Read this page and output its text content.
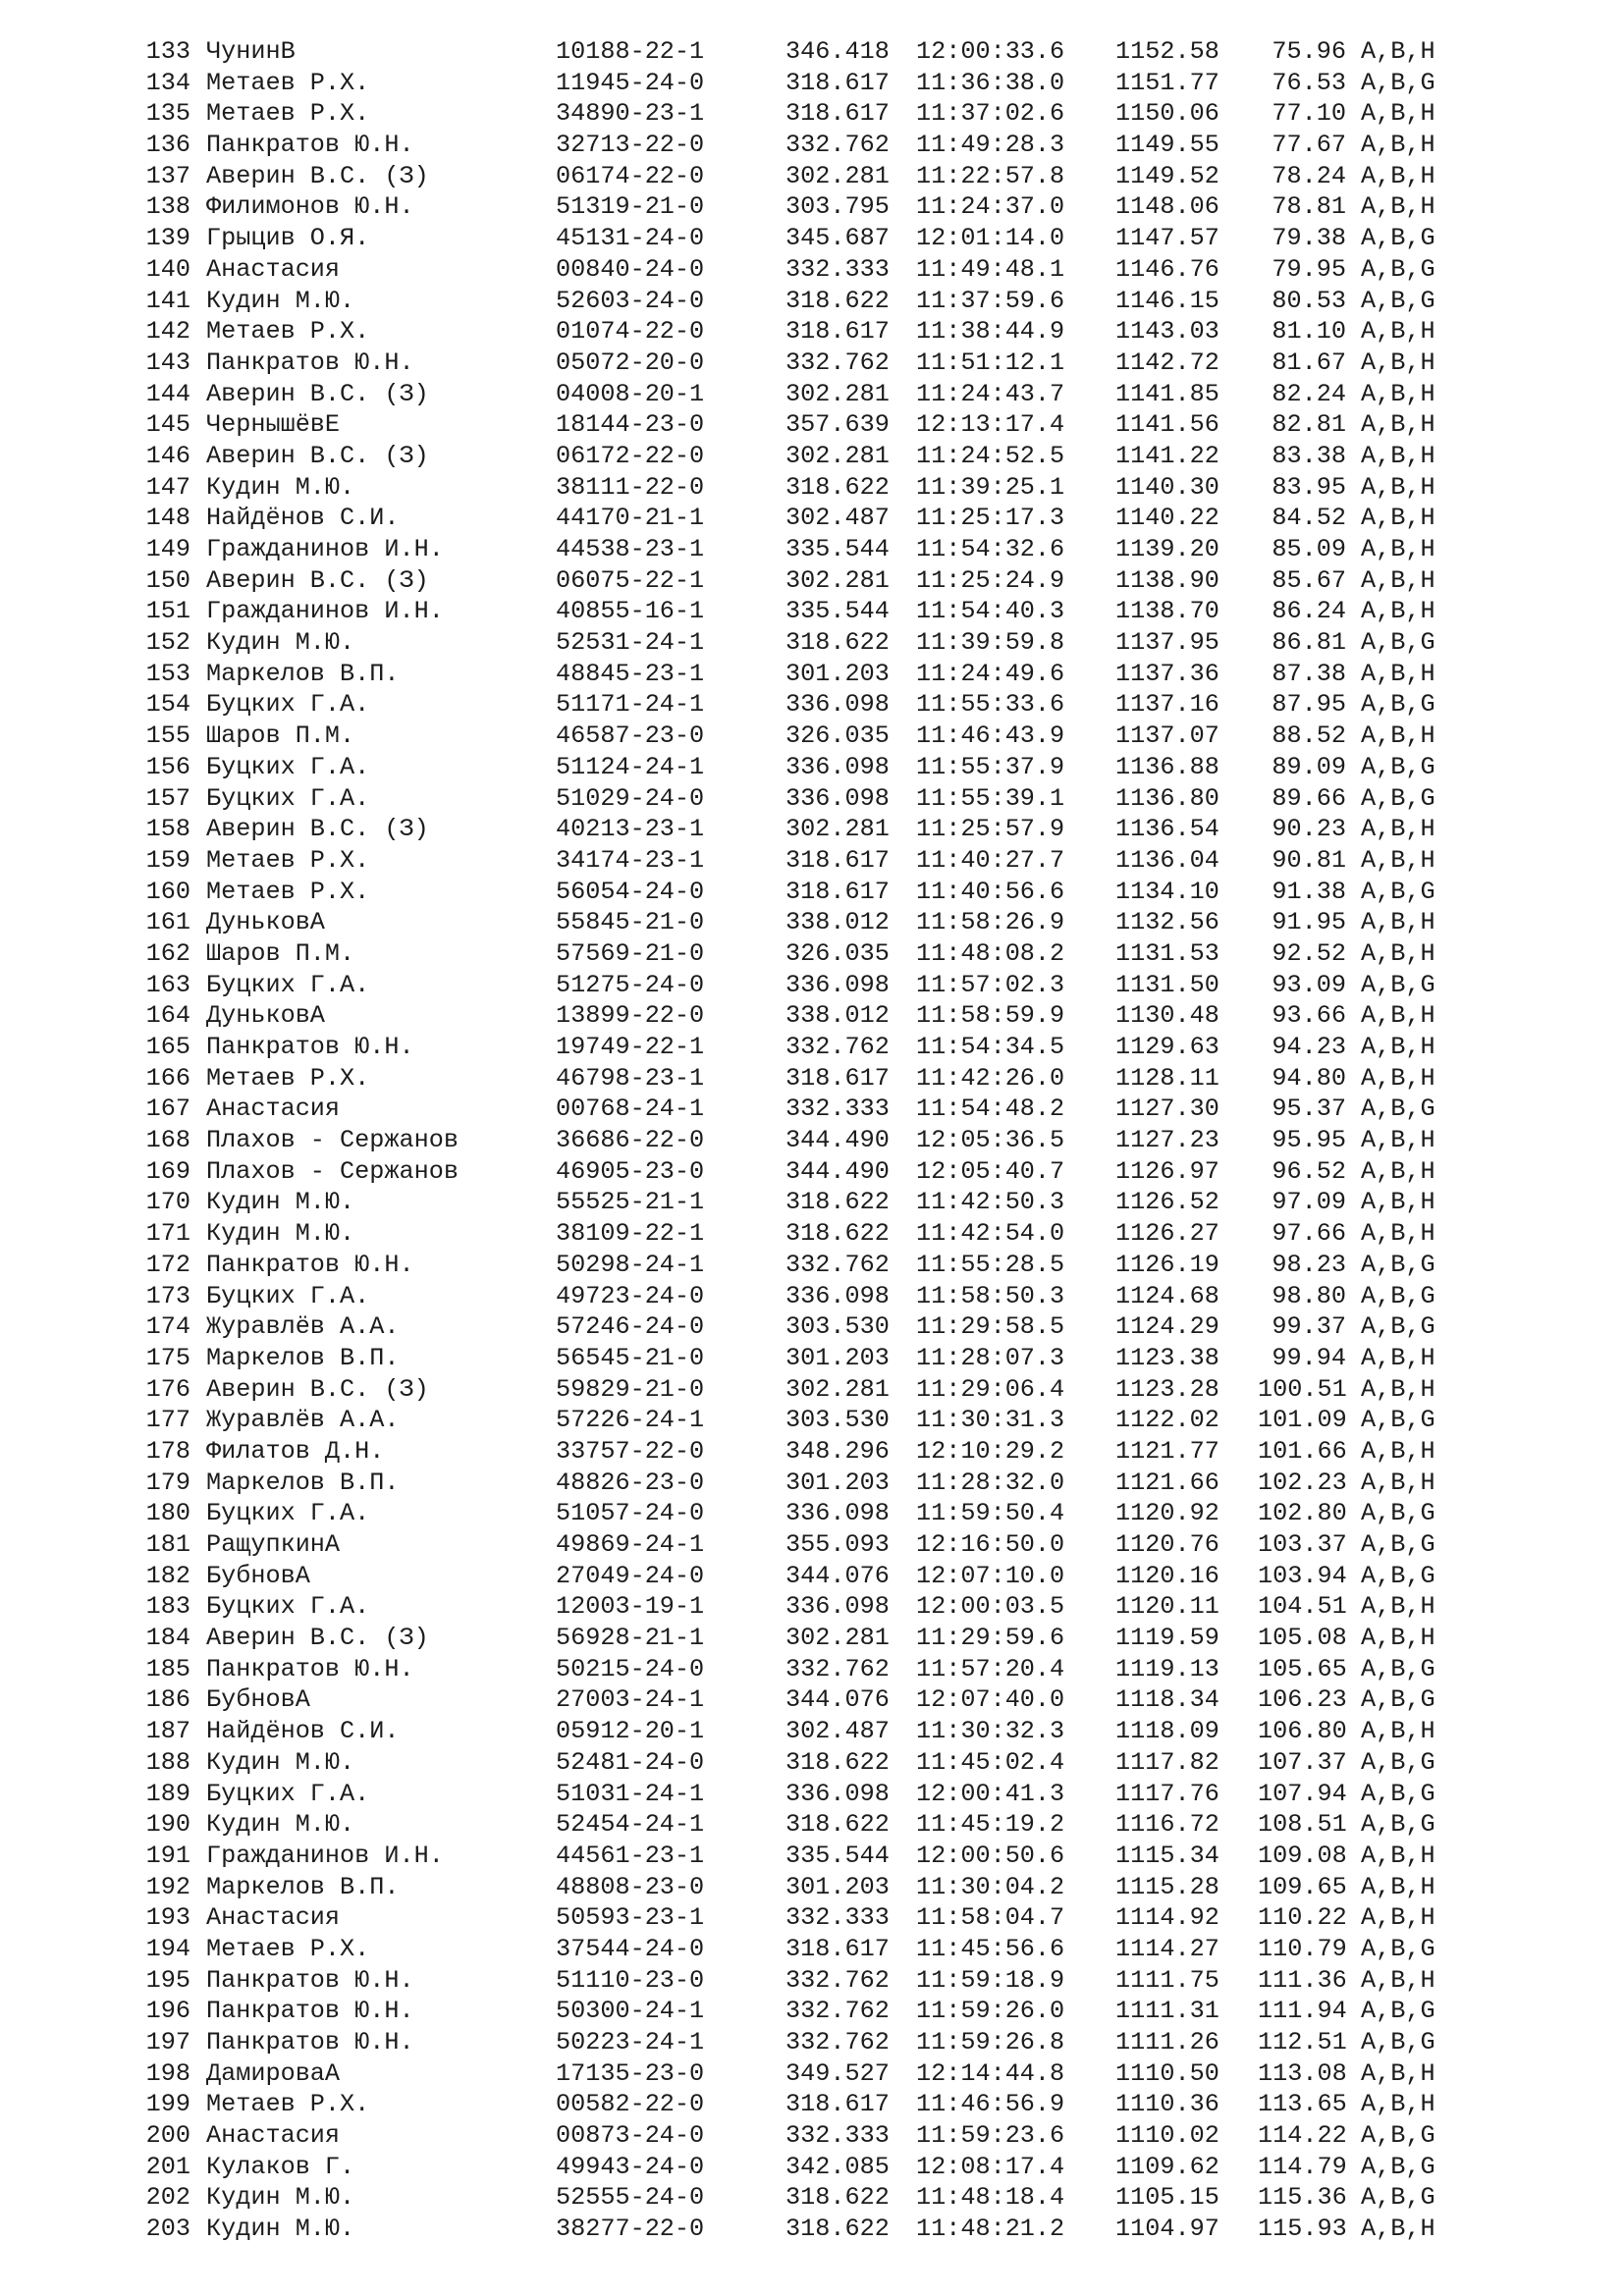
133 ЧунинВ	10188-22-1	346.418 12:00:33.6 1152.58	75.96 A,B,H
134 Метаев Р.Х.	11945-24-0	318.617 11:36:38.0 1151.77	76.53 A,B,G
135 Метаев Р.Х.	34890-23-1	318.617 11:37:02.6 1150.06	77.10 A,B,H
136 Панкратов Ю.Н.	32713-22-0	332.762 11:49:28.3 1149.55	77.67 A,B,H
137 Аверин В.С. (З)	06174-22-0	302.281 11:22:57.8 1149.52	78.24 A,B,H
138 Филимонов Ю.Н.	51319-21-0	303.795 11:24:37.0 1148.06	78.81 A,B,H
139 Грыцив О.Я.	45131-24-0	345.687 12:01:14.0 1147.57	79.38 A,B,G
140 Анастасия	00840-24-0	332.333 11:49:48.1 1146.76	79.95 A,B,G
141 Кудин М.Ю.	52603-24-0	318.622 11:37:59.6 1146.15	80.53 A,B,G
142 Метаев Р.Х.	01074-22-0	318.617 11:38:44.9 1143.03	81.10 A,B,H
143 Панкратов Ю.Н.	05072-20-0	332.762 11:51:12.1 1142.72	81.67 A,B,H
144 Аверин В.С. (З)	04008-20-1	302.281 11:24:43.7 1141.85	82.24 A,B,H
145 ЧернышёвЕ	18144-23-0	357.639 12:13:17.4 1141.56	82.81 A,B,H
146 Аверин В.С. (З)	06172-22-0	302.281 11:24:52.5 1141.22	83.38 A,B,H
147 Кудин М.Ю.	38111-22-0	318.622 11:39:25.1 1140.30	83.95 A,B,H
148 Найдёнов С.И.	44170-21-1	302.487 11:25:17.3 1140.22	84.52 A,B,H
149 Гражданинов И.Н.	44538-23-1	335.544 11:54:32.6 1139.20	85.09 A,B,H
150 Аверин В.С. (З)	06075-22-1	302.281 11:25:24.9 1138.90	85.67 A,B,H
151 Гражданинов И.Н.	40855-16-1	335.544 11:54:40.3 1138.70	86.24 A,B,H
152 Кудин М.Ю.	52531-24-1	318.622 11:39:59.8 1137.95	86.81 A,B,G
153 Маркелов В.П.	48845-23-1	301.203 11:24:49.6 1137.36	87.38 A,B,H
154 Буцких Г.А.	51171-24-1	336.098 11:55:33.6 1137.16	87.95 A,B,G
155 Шаров П.М.	46587-23-0	326.035 11:46:43.9 1137.07	88.52 A,B,H
156 Буцких Г.А.	51124-24-1	336.098 11:55:37.9 1136.88	89.09 A,B,G
157 Буцких Г.А.	51029-24-0	336.098 11:55:39.1 1136.80	89.66 A,B,G
158 Аверин В.С. (З)	40213-23-1	302.281 11:25:57.9 1136.54	90.23 A,B,H
159 Метаев Р.Х.	34174-23-1	318.617 11:40:27.7 1136.04	90.81 A,B,H
160 Метаев Р.Х.	56054-24-0	318.617 11:40:56.6 1134.10	91.38 A,B,G
161 ДуньковА	55845-21-0	338.012 11:58:26.9 1132.56	91.95 A,B,H
162 Шаров П.М.	57569-21-0	326.035 11:48:08.2 1131.53	92.52 A,B,H
163 Буцких Г.А.	51275-24-0	336.098 11:57:02.3 1131.50	93.09 A,B,G
164 ДуньковА	13899-22-0	338.012 11:58:59.9 1130.48	93.66 A,B,H
165 Панкратов Ю.Н.	19749-22-1	332.762 11:54:34.5 1129.63	94.23 A,B,H
166 Метаев Р.Х.	46798-23-1	318.617 11:42:26.0 1128.11	94.80 A,B,H
167 Анастасия	00768-24-1	332.333 11:54:48.2 1127.30	95.37 A,B,G
168 Плахов - Сержанов	36686-22-0	344.490 12:05:36.5 1127.23	95.95 A,B,H
169 Плахов - Сержанов	46905-23-0	344.490 12:05:40.7 1126.97	96.52 A,B,H
170 Кудин М.Ю.	55525-21-1	318.622 11:42:50.3 1126.52	97.09 A,B,H
171 Кудин М.Ю.	38109-22-1	318.622 11:42:54.0 1126.27	97.66 A,B,H
172 Панкратов Ю.Н.	50298-24-1	332.762 11:55:28.5 1126.19	98.23 A,B,G
173 Буцких Г.А.	49723-24-0	336.098 11:58:50.3 1124.68	98.80 A,B,G
174 Журавлёв А.А.	57246-24-0	303.530 11:29:58.5 1124.29	99.37 A,B,G
175 Маркелов В.П.	56545-21-0	301.203 11:28:07.3 1123.38	99.94 A,B,H
176 Аверин В.С. (З)	59829-21-0	302.281 11:29:06.4 1123.28 100.51 A,B,H
177 Журавлёв А.А.	57226-24-1	303.530 11:30:31.3 1122.02 101.09 A,B,G
178 Филатов Д.Н.	33757-22-0	348.296 12:10:29.2 1121.77 101.66 A,B,H
179 Маркелов В.П.	48826-23-0	301.203 11:28:32.0 1121.66 102.23 A,B,H
180 Буцких Г.А.	51057-24-0	336.098 11:59:50.4 1120.92 102.80 A,B,G
181 РащупкинА	49869-24-1	355.093 12:16:50.0 1120.76 103.37 A,B,G
182 БубновА	27049-24-0	344.076 12:07:10.0 1120.16 103.94 A,B,G
183 Буцких Г.А.	12003-19-1	336.098 12:00:03.5 1120.11 104.51 A,B,H
184 Аверин В.С. (З)	56928-21-1	302.281 11:29:59.6 1119.59 105.08 A,B,H
185 Панкратов Ю.Н.	50215-24-0	332.762 11:57:20.4 1119.13 105.65 A,B,G
186 БубновА	27003-24-1	344.076 12:07:40.0 1118.34 106.23 A,B,G
187 Найдёнов С.И.	05912-20-1	302.487 11:30:32.3 1118.09 106.80 A,B,H
188 Кудин М.Ю.	52481-24-0	318.622 11:45:02.4 1117.82 107.37 A,B,G
189 Буцких Г.А.	51031-24-1	336.098 12:00:41.3 1117.76 107.94 A,B,G
190 Кудин М.Ю.	52454-24-1	318.622 11:45:19.2 1116.72 108.51 A,B,G
191 Гражданинов И.Н.	44561-23-1	335.544 12:00:50.6 1115.34 109.08 A,B,H
192 Маркелов В.П.	48808-23-0	301.203 11:30:04.2 1115.28 109.65 A,B,H
193 Анастасия	50593-23-1	332.333 11:58:04.7 1114.92 110.22 A,B,H
194 Метаев Р.Х.	37544-24-0	318.617 11:45:56.6 1114.27 110.79 A,B,G
195 Панкратов Ю.Н.	51110-23-0	332.762 11:59:18.9 1111.75 111.36 A,B,H
196 Панкратов Ю.Н.	50300-24-1	332.762 11:59:26.0 1111.31 111.94 A,B,G
197 Панкратов Ю.Н.	50223-24-1	332.762 11:59:26.8 1111.26 112.51 A,B,G
198 ДамироваА	17135-23-0	349.527 12:14:44.8 1110.50 113.08 A,B,H
199 Метаев Р.Х.	00582-22-0	318.617 11:46:56.9 1110.36 113.65 A,B,H
200 Анастасия	00873-24-0	332.333 11:59:23.6 1110.02 114.22 A,B,G
201 Кулаков Г.	49943-24-0	342.085 12:08:17.4 1109.62 114.79 A,B,G
202 Кудин М.Ю.	52555-24-0	318.622 11:48:18.4 1105.15 115.36 A,B,G
203 Кудин М.Ю.	38277-22-0	318.622 11:48:21.2 1104.97 115.93 A,B,H
